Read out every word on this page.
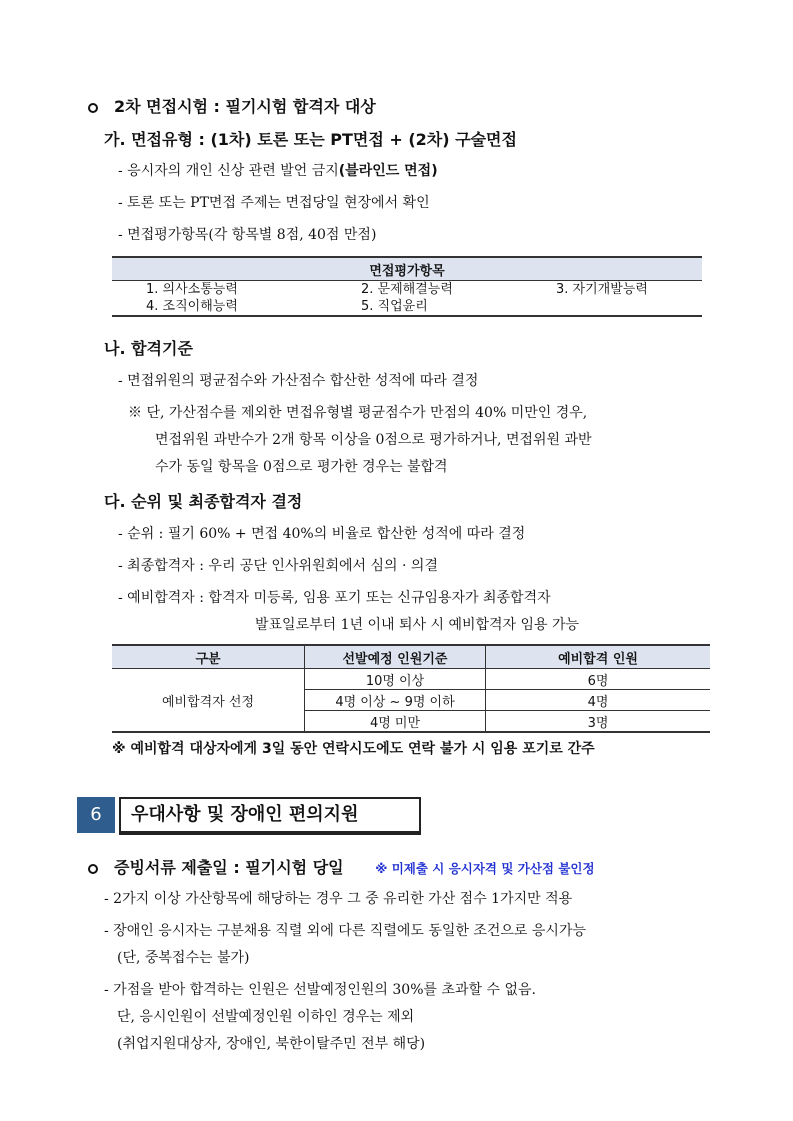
2차 면접시험 : 필기시험 합격자 대상
가. 면접유형 : (1차) 토론 또는 PT면접 + (2차) 구술면접
- 응시자의 개인 신상 관련 발언 금지(블라인드 면접)
- 토론 또는 PT면접 주제는 면접당일 현장에서 확인
- 면접평가항목(각 항목별 8점, 40점 만점)
면접평가항목		
1. 의사소통능력	2. 문제해결능력	3. 자기개발능력
4. 조직이해능력	5. 직업윤리	
나. 합격기준
- 면접위원의 평균점수와 가산점수 합산한 성적에 따라 결정
※ 단, 가산점수를 제외한 면접유형별 평균점수가 만점의 40% 미만인 경우,
면접위원 과반수가 2개 항목 이상을 0점으로 평가하거나, 면접위원 과반
수가 동일 항목을 0점으로 평가한 경우는 불합격
다. 순위 및 최종합격자 결정
- 순위 : 필기 60% + 면접 40%의 비율로 합산한 성적에 따라 결정
- 최종합격자 : 우리 공단 인사위원회에서 심의 · 의결
- 예비합격자 : 합격자 미등록, 임용 포기 또는 신규임용자가 최종합격자
발표일로부터 1년 이내 퇴사 시 예비합격자 임용 가능
구분	선발예정 인원기준	예비합격 인원
예비합격자 선정	10명 이상	6명
	4명 이상 ~ 9명 이하	4명
	4명 미만	3명
※ 예비합격 대상자에게 3일 동안 연락시도에도 연락 불가 시 임용 포기로 간주
6	우대사항 및 장애인 편의지원
증빙서류 제출일 : 필기시험 당일	※ 미제출 시 응시자격 및 가산점 불인정
- 2가지 이상 가산항목에 해당하는 경우 그 중 유리한 가산 점수 1가지만 적용
- 장애인 응시자는 구분채용 직렬 외에 다른 직렬에도 동일한 조건으로 응시가능
(단, 중복접수는 불가)
- 가점을 받아 합격하는 인원은 선발예정인원의 30%를 초과할 수 없음.
단, 응시인원이 선발예정인원 이하인 경우는 제외
(취업지원대상자, 장애인, 북한이탈주민 전부 해당)
